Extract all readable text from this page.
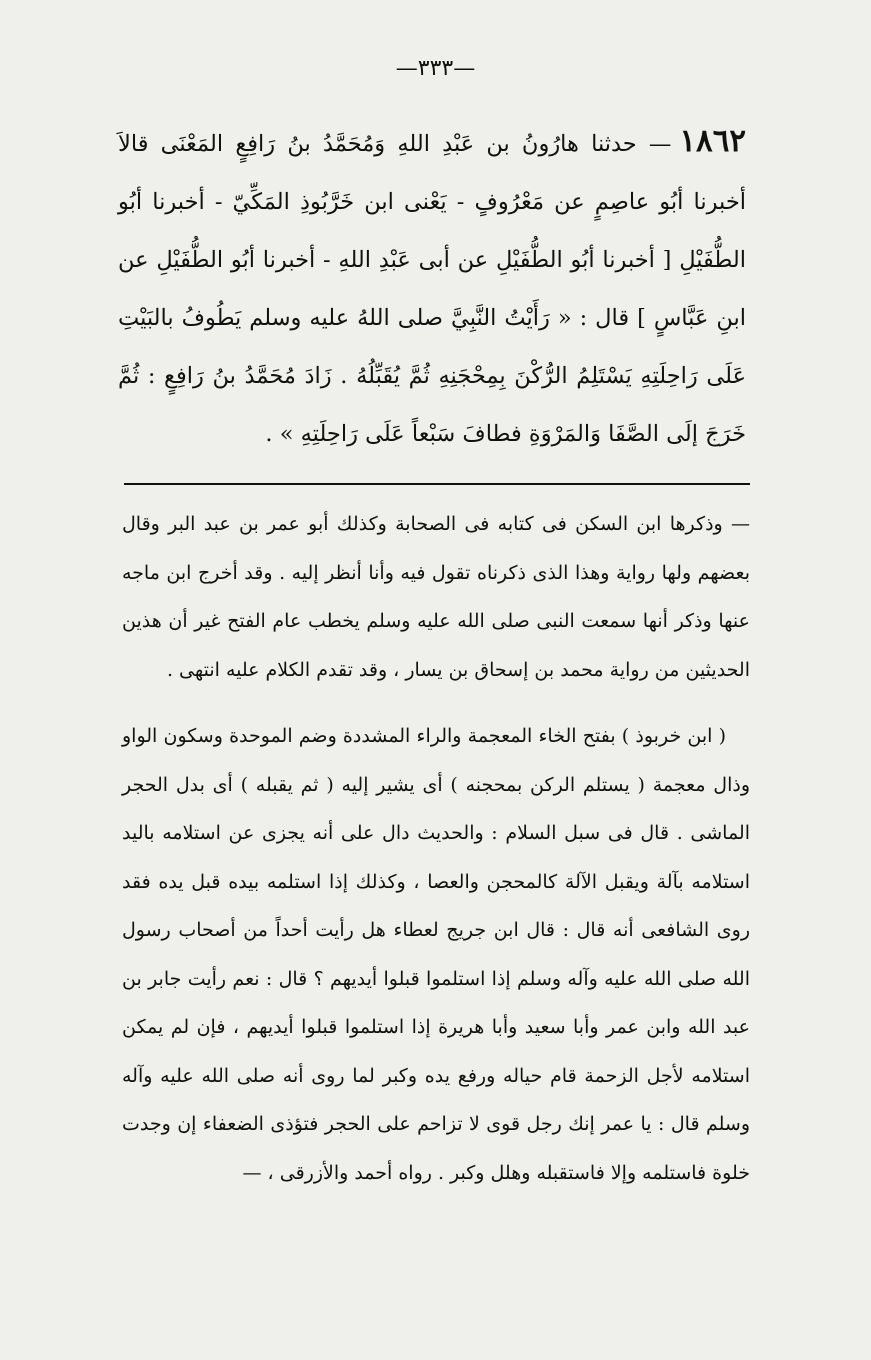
—٣٣٣—
١٨٦٢— حدثنا هارُونُ بن عَبْدِ اللهِ وَمُحَمَّدُ بنُ رَافِعٍ المَعْنَى قالاَ أخبرنا أبُو عاصِمٍ عن مَعْرُوفٍ - يَعْنى ابن خَرَّبُوذِ المَكِّيّ - أخبرنا أبُو الطُّفَيْلِ [ أخبرنا أبُو الطُّفَيْلِ عن أبى عَبْدِ اللهِ - أخبرنا أبُو الطُّفَيْلِ عن ابنِ عَبَّاسٍ ] قال : « رَأَيْتُ النَّبِيَّ صلى اللهُ عليه وسلم يَطُوفُ بالبَيْتِ عَلَى رَاحِلَتِهِ يَسْتَلِمُ الرُّكْنَ بِمِحْجَنِهِ ثُمَّ يُقَبِّلُهُ . زَادَ مُحَمَّدُ بنُ رَافِعٍ : ثُمَّ خَرَجَ إلَى الصَّفَا وَالمَرْوَةِ فطافَ سَبْعاً عَلَى رَاحِلَتِهِ » .

— وذكرها ابن السكن فى كتابه فى الصحابة وكذلك أبو عمر بن عبد البر وقال بعضهم ولها رواية وهذا الذى ذكرناه تقول فيه وأنا أنظر إليه . وقد أخرج ابن ماجه عنها وذكر أنها سمعت النبى صلى الله عليه وسلم يخطب عام الفتح غير أن هذين الحديثين من رواية محمد بن إسحاق بن يسار ، وقد تقدم الكلام عليه انتهى .

( ابن خربوذ ) بفتح الخاء المعجمة والراء المشددة وضم الموحدة وسكون الواو وذال معجمة ( يستلم الركن بمحجنه ) أى يشير إليه ( ثم يقبله ) أى بدل الحجر الماشى . قال فى سبل السلام : والحديث دال على أنه يجزى عن استلامه باليد استلامه بآلة ويقبل الآلة كالمحجن والعصا ، وكذلك إذا استلمه بيده قبل يده فقد روى الشافعى أنه قال : قال ابن جريج لعطاء هل رأيت أحداً من أصحاب رسول الله صلى الله عليه وآله وسلم إذا استلموا قبلوا أيديهم ؟ قال : نعم رأيت جابر بن عبد الله وابن عمر وأبا سعيد وأبا هريرة إذا استلموا قبلوا أيديهم ، فإن لم يمكن استلامه لأجل الزحمة قام حياله ورفع يده وكبر لما روى أنه صلى الله عليه وآله وسلم قال : يا عمر إنك رجل قوى لا تزاحم على الحجر فتؤذى الضعفاء إن وجدت خلوة فاستلمه وإلا فاستقبله وهلل وكبر . رواه أحمد والأزرقى ، —
